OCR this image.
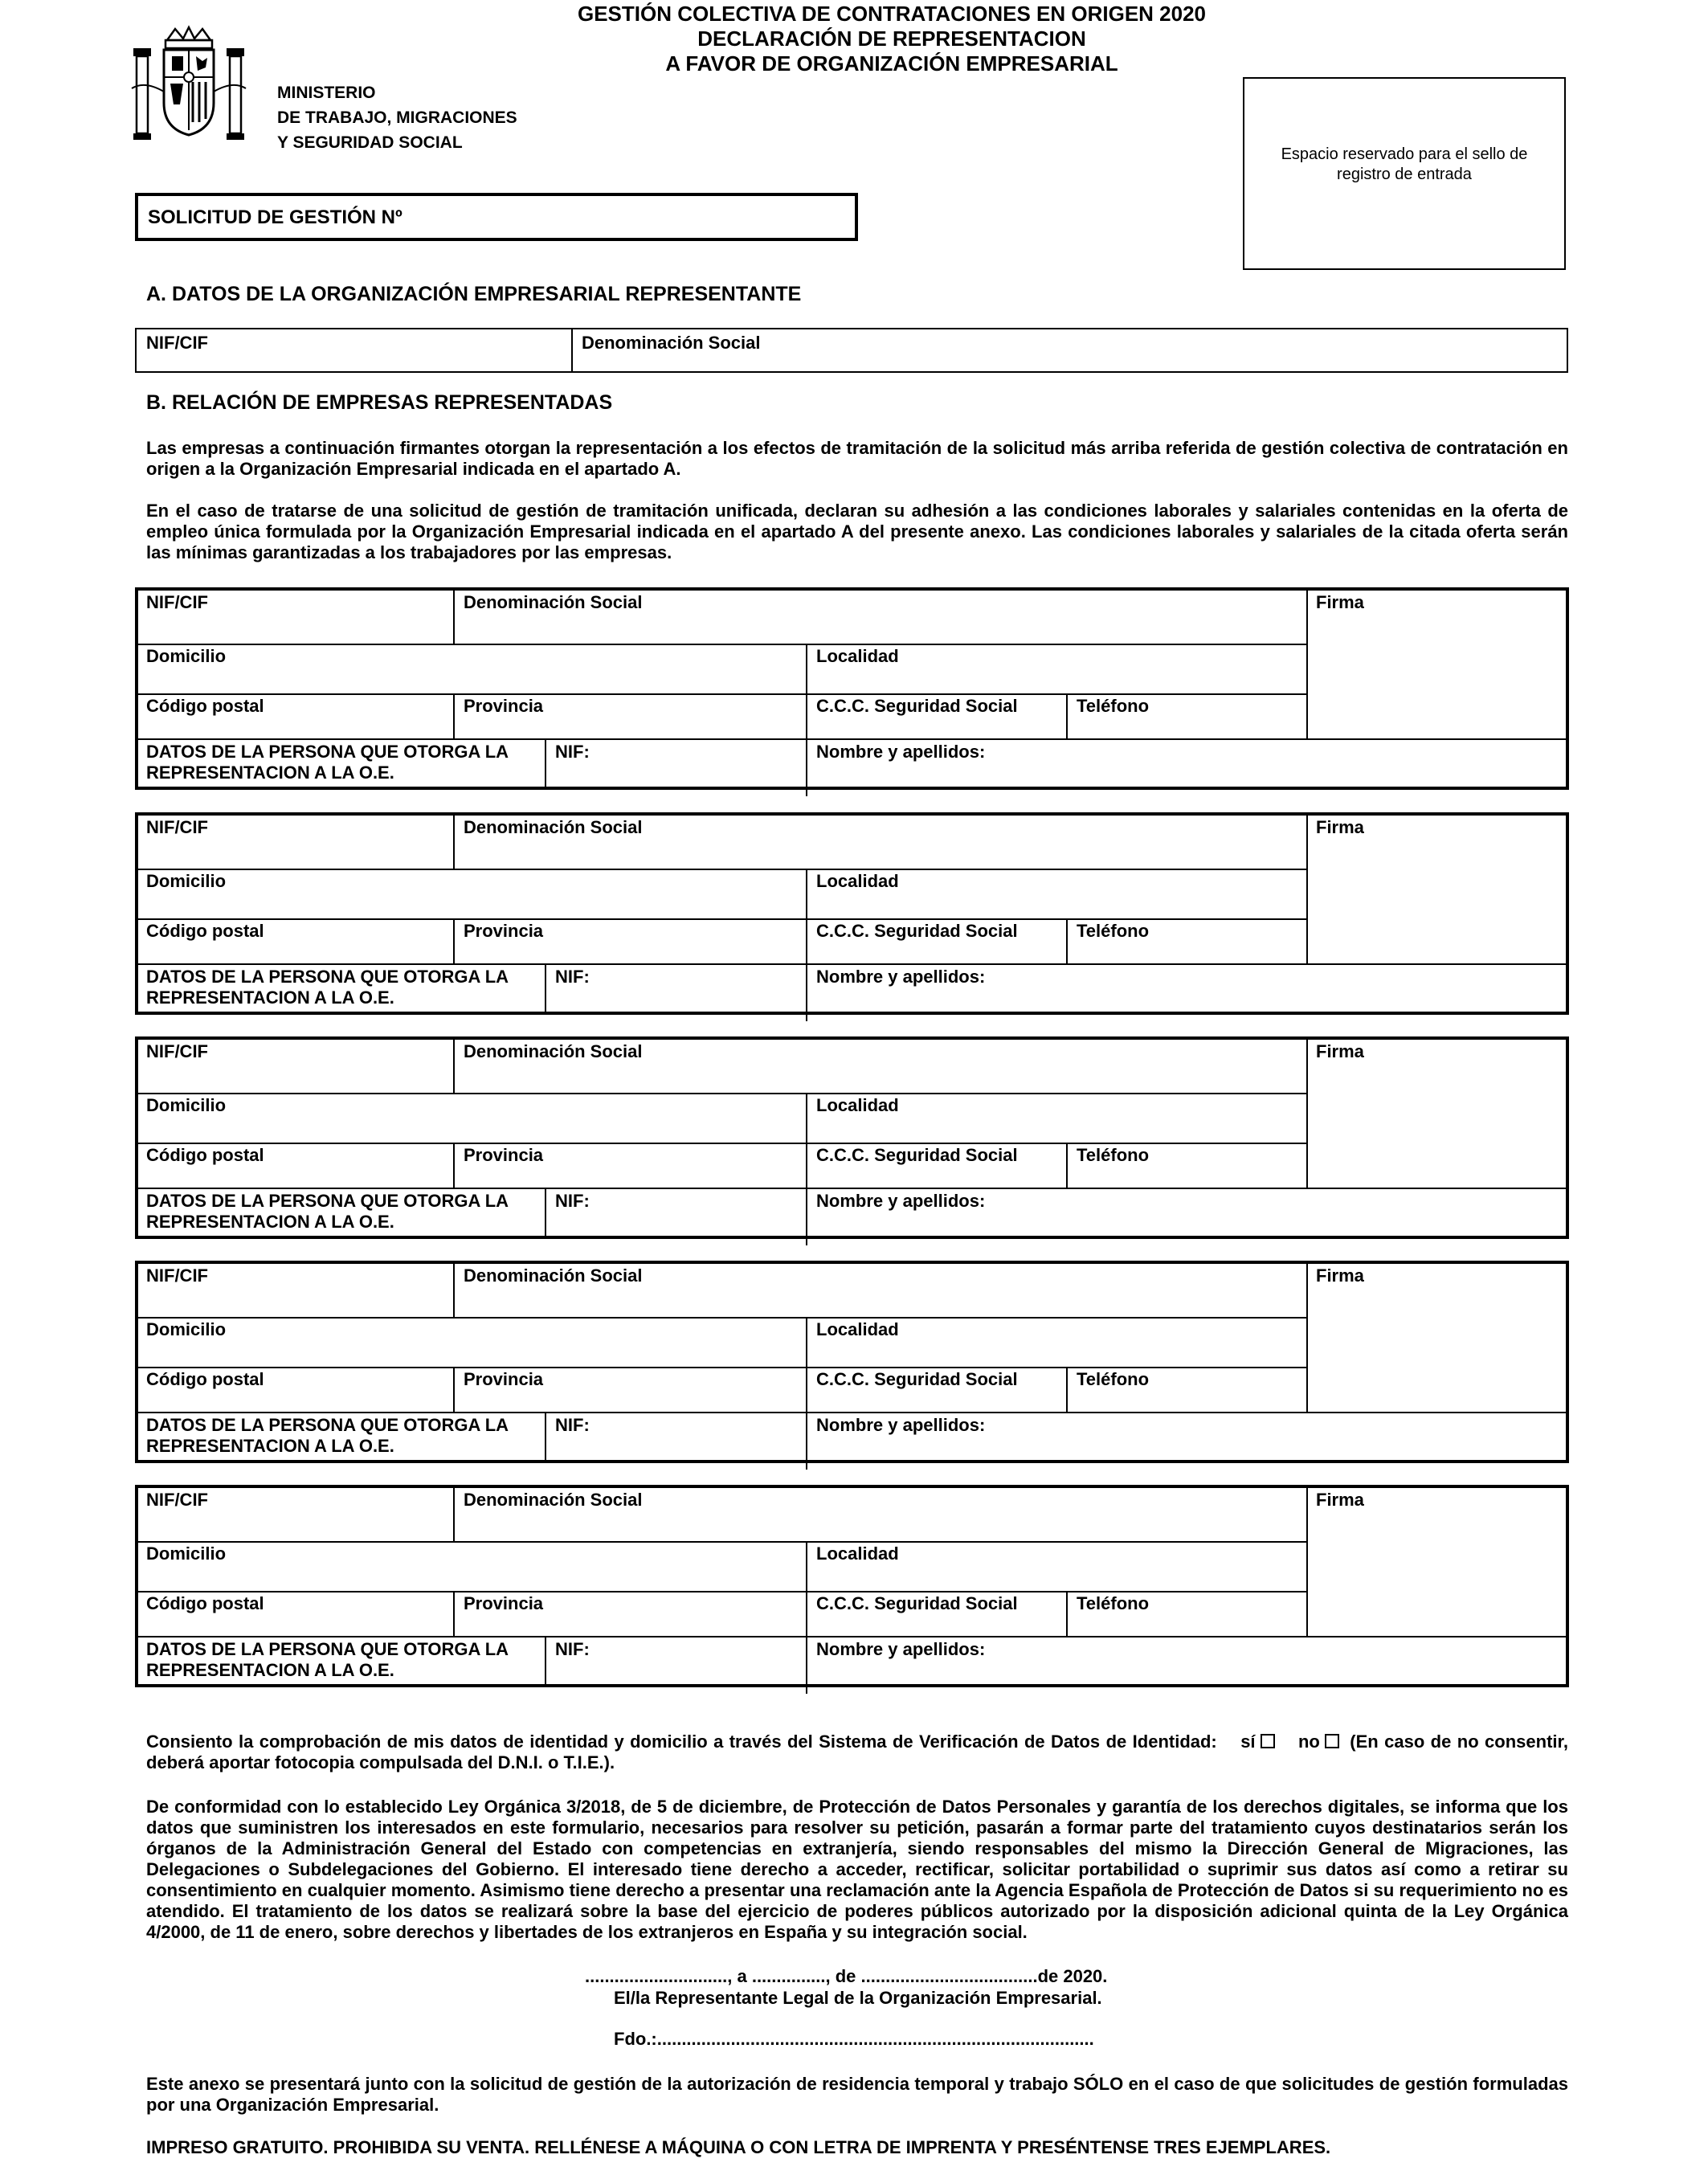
GESTIÓN COLECTIVA DE CONTRATACIONES EN ORIGEN 2020
DECLARACIÓN DE REPRESENTACION
A FAVOR DE ORGANIZACIÓN EMPRESARIAL
MINISTERIO
DE TRABAJO, MIGRACIONES
Y SEGURIDAD SOCIAL
Espacio reservado para el sello de
registro de entrada
SOLICITUD DE GESTIÓN Nº
A. DATOS DE LA ORGANIZACIÓN EMPRESARIAL REPRESENTANTE
NIF/CIF	Denominación Social
B. RELACIÓN DE EMPRESAS REPRESENTADAS
Las empresas a continuación firmantes otorgan la representación a los efectos de tramitación de la solicitud más arriba referida de gestión colectiva de contratación en origen a la Organización Empresarial indicada en el apartado A.
En el caso de tratarse de una solicitud de gestión de tramitación unificada, declaran su adhesión a las condiciones laborales y salariales contenidas en la oferta de empleo única formulada por la Organización Empresarial indicada en el apartado A del presente anexo. Las condiciones laborales y salariales de la citada oferta serán las mínimas garantizadas a los trabajadores por las empresas.
NIF/CIF	Denominación Social	Firma
Domicilio	Localidad
Código postal	Provincia	C.C.C. Seguridad Social	Teléfono
DATOS DE LA PERSONA QUE OTORGA LA
REPRESENTACION A LA O.E.
NIF:	Nombre y apellidos:
NIF/CIF	Denominación Social	Firma
Domicilio	Localidad
Código postal	Provincia	C.C.C. Seguridad Social	Teléfono
DATOS DE LA PERSONA QUE OTORGA LA
REPRESENTACION A LA O.E.
NIF:	Nombre y apellidos:
NIF/CIF	Denominación Social	Firma
Domicilio	Localidad
Código postal	Provincia	C.C.C. Seguridad Social	Teléfono
DATOS DE LA PERSONA QUE OTORGA LA
REPRESENTACION A LA O.E.
NIF:	Nombre y apellidos:
NIF/CIF	Denominación Social	Firma
Domicilio	Localidad
Código postal	Provincia	C.C.C. Seguridad Social	Teléfono
DATOS DE LA PERSONA QUE OTORGA LA
REPRESENTACION A LA O.E.
NIF:	Nombre y apellidos:
NIF/CIF	Denominación Social	Firma
Domicilio	Localidad
Código postal	Provincia	C.C.C. Seguridad Social	Teléfono
DATOS DE LA PERSONA QUE OTORGA LA
REPRESENTACION A LA O.E.
NIF:	Nombre y apellidos:
Consiento la comprobación de mis datos de identidad y domicilio a través del Sistema de Verificación de Datos de Identidad: sí no (En caso de no consentir, deberá aportar fotocopia compulsada del D.N.I. o T.I.E.).
De conformidad con lo establecido Ley Orgánica 3/2018, de 5 de diciembre, de Protección de Datos Personales y garantía de los derechos digitales, se informa que los datos que suministren los interesados en este formulario, necesarios para resolver su petición, pasarán a formar parte del tratamiento cuyos destinatarios serán los órganos de la Administración General del Estado con competencias en extranjería, siendo responsables del mismo la Dirección General de Migraciones, las Delegaciones o Subdelegaciones del Gobierno. El interesado tiene derecho a acceder, rectificar, solicitar portabilidad o suprimir sus datos así como a retirar su consentimiento en cualquier momento. Asimismo tiene derecho a presentar una reclamación ante la Agencia Española de Protección de Datos si su requerimiento no es atendido. El tratamiento de los datos se realizará sobre la base del ejercicio de poderes públicos autorizado por la disposición adicional quinta de la Ley Orgánica 4/2000, de 11 de enero, sobre derechos y libertades de los extranjeros en España y su integración social.
............................., a ..............., de ....................................de 2020.
El/la Representante Legal de la Organización Empresarial.
Fdo.:.........................................................................................
Este anexo se presentará junto con la solicitud de gestión de la autorización de residencia temporal y trabajo SÓLO en el caso de que solicitudes de gestión formuladas por una Organización Empresarial.
IMPRESO GRATUITO. PROHIBIDA SU VENTA. RELLÉNESE A MÁQUINA O CON LETRA DE IMPRENTA Y PRESÉNTENSE TRES EJEMPLARES.
